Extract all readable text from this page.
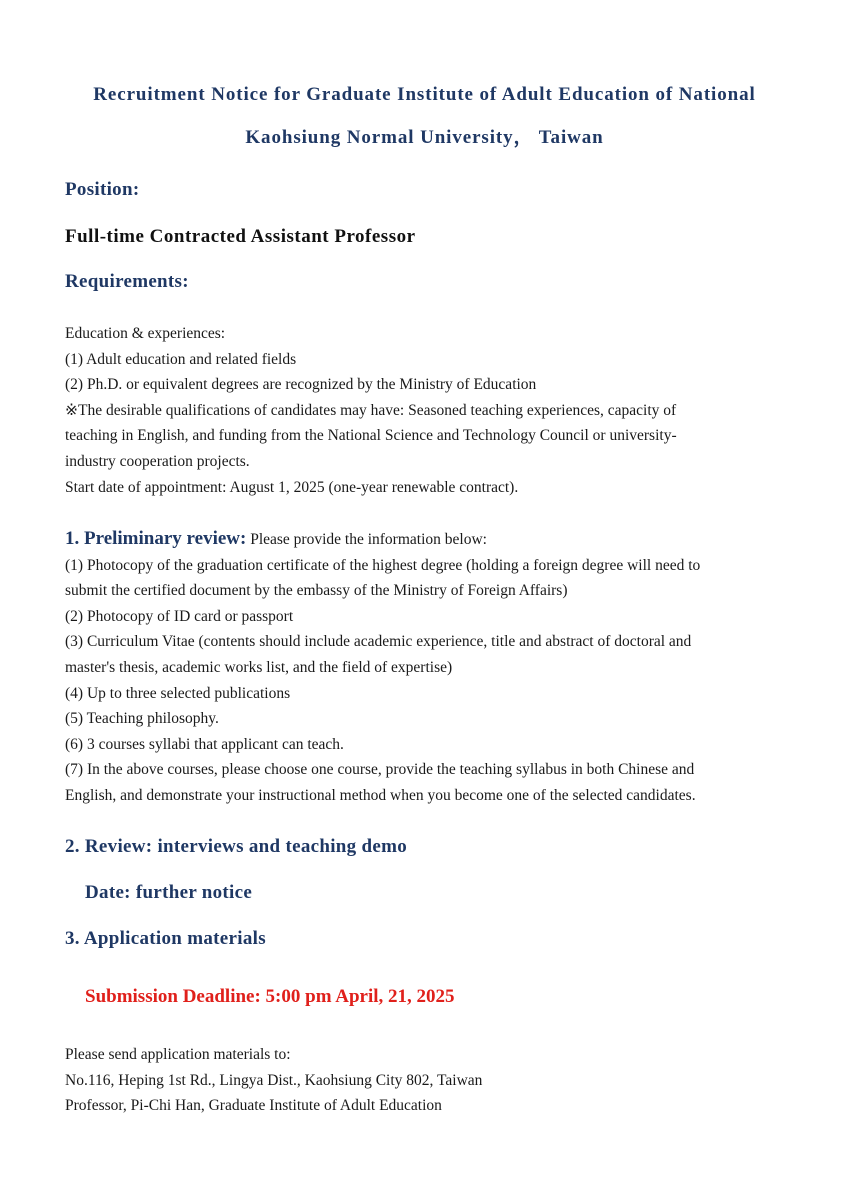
Recruitment Notice for Graduate Institute of Adult Education of National
Kaohsiung Normal University， Taiwan
Position:
Full-time Contracted Assistant Professor
Requirements:
Education & experiences:
(1) Adult education and related fields
(2) Ph.D. or equivalent degrees are recognized by the Ministry of Education
※The desirable qualifications of candidates may have: Seasoned teaching experiences, capacity of
teaching in English, and funding from the National Science and Technology Council or university-
industry cooperation projects.
Start date of appointment: August 1, 2025 (one-year renewable contract).
1. Preliminary review: Please provide the information below:
(1) Photocopy of the graduation certificate of the highest degree (holding a foreign degree will need to
submit the certified document by the embassy of the Ministry of Foreign Affairs)
(2) Photocopy of ID card or passport
(3) Curriculum Vitae (contents should include academic experience, title and abstract of doctoral and
master's thesis, academic works list, and the field of expertise)
(4) Up to three selected publications
(5) Teaching philosophy.
(6) 3 courses syllabi that applicant can teach.
(7) In the above courses, please choose one course, provide the teaching syllabus in both Chinese and
English, and demonstrate your instructional method when you become one of the selected candidates.
2. Review: interviews and teaching demo
Date: further notice
3. Application materials
Submission Deadline: 5:00 pm April, 21, 2025
Please send application materials to:
No.116, Heping 1st Rd., Lingya Dist., Kaohsiung City 802, Taiwan
Professor, Pi-Chi Han, Graduate Institute of Adult Education
